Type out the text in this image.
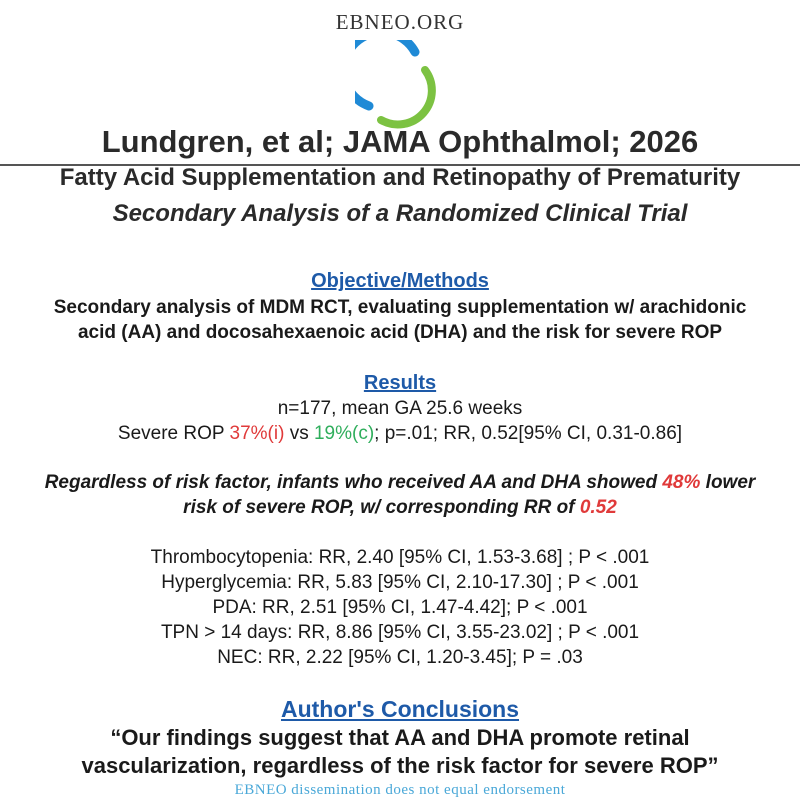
EBNEO.ORG
Lundgren, et al; JAMA Ophthalmol; 2026
Fatty Acid Supplementation and Retinopathy of Prematurity
Secondary Analysis of a Randomized Clinical Trial
Objective/Methods
Secondary analysis of MDM RCT, evaluating supplementation w/ arachidonic
acid (AA) and docosahexaenoic acid (DHA) and the risk for severe ROP
Results
n=177, mean GA 25.6 weeks
Severe ROP 37%(i) vs 19%(c); p=.01; RR, 0.52[95% CI, 0.31-0.86]
Regardless of risk factor, infants who received AA and DHA showed 48% lower
risk of severe ROP, w/ corresponding RR of 0.52
Thrombocytopenia: RR, 2.40 [95% CI, 1.53-3.68] ; P < .001
Hyperglycemia: RR, 5.83 [95% CI, 2.10-17.30] ; P < .001
PDA: RR, 2.51 [95% CI, 1.47-4.42]; P < .001
TPN > 14 days: RR, 8.86 [95% CI, 3.55-23.02] ; P < .001
NEC: RR, 2.22 [95% CI, 1.20-3.45]; P = .03
Author's Conclusions
“Our findings suggest that AA and DHA promote retinal
vascularization, regardless of the risk factor for severe ROP”
EBNEO dissemination does not equal endorsement
